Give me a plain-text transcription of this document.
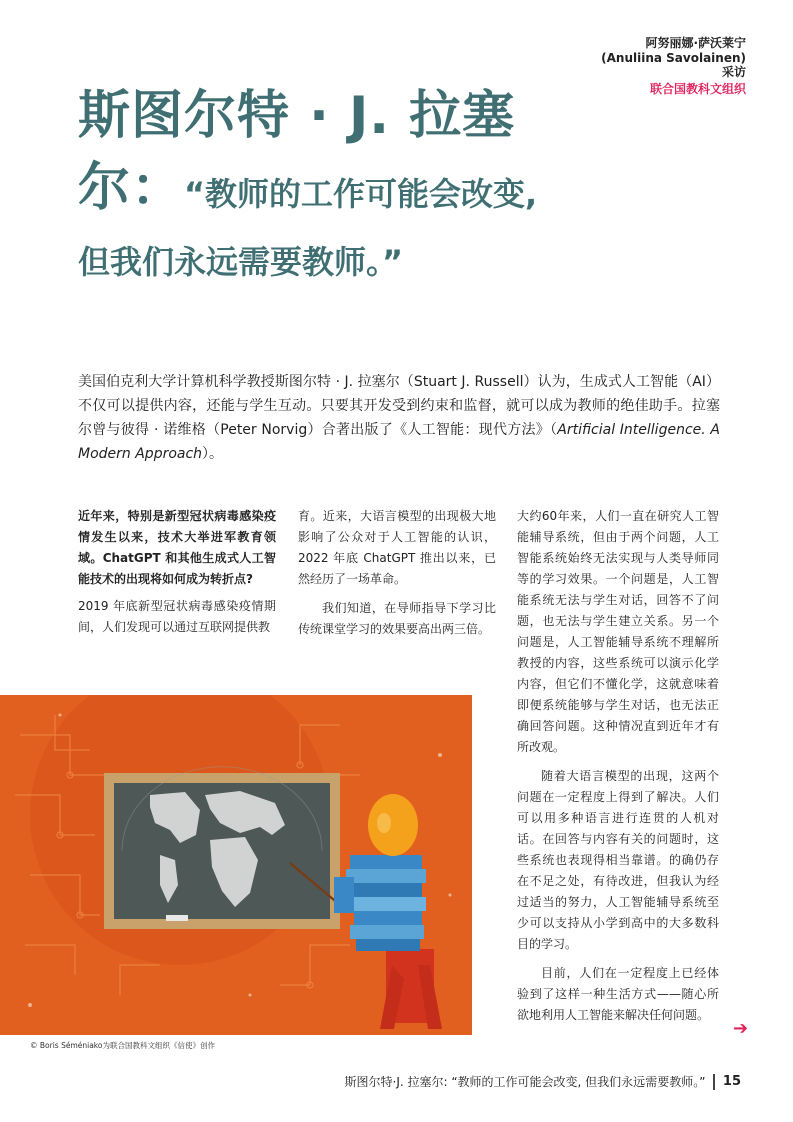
阿努丽娜·萨沃莱宁
(Anuliina Savolainen)
采访
联合国教科文组织
斯图尔特 · J. 拉塞
尔：“教师的工作可能会改变,
但我们永远需要教师。”
美国伯克利大学计算机科学教授斯图尔特 · J. 拉塞尔（Stuart J. Russell）认为，生成式人工智能（AI）不仅可以提供内容，还能与学生互动。只要其开发受到约束和监督，就可以成为教师的绝佳助手。拉塞尔曾与彼得 · 诺维格（Peter Norvig）合著出版了《人工智能：现代方法》（Artificial Intelligence. A Modern Approach）。

近年来，特别是新型冠状病毒感染疫情发生以来，技术大举进军教育领域。ChatGPT 和其他生成式人工智能技术的出现将如何成为转折点?

2019 年底新型冠状病毒感染疫情期间，人们发现可以通过互联网提供教

育。近来，大语言模型的出现极大地影响了公众对于人工智能的认识，2022 年底 ChatGPT 推出以来，已然经历了一场革命。

我们知道，在导师指导下学习比传统课堂学习的效果要高出两三倍。

大约60年来，人们一直在研究人工智能辅导系统，但由于两个问题，人工智能系统始终无法实现与人类导师同等的学习效果。一个问题是，人工智能系统无法与学生对话，回答不了问题，也无法与学生建立关系。另一个问题是，人工智能辅导系统不理解所教授的内容，这些系统可以演示化学内容，但它们不懂化学，这就意味着即便系统能够与学生对话，也无法正确回答问题。这种情况直到近年才有所改观。

随着大语言模型的出现，这两个问题在一定程度上得到了解决。人们可以用多种语言进行连贯的人机对话。在回答与内容有关的问题时，这些系统也表现得相当靠谱。的确仍存在不足之处，有待改进，但我认为经过适当的努力，人工智能辅导系统至少可以支持从小学到高中的大多数科目的学习。

目前，人们在一定程度上已经体验到了这样一种生活方式——随心所欲地利用人工智能来解决任何问题。

© Boris Séméniako为联合国教科文组织《信使》创作
➔
斯图尔特·J. 拉塞尔: “教师的工作可能会改变, 但我们永远需要教师。” 15
